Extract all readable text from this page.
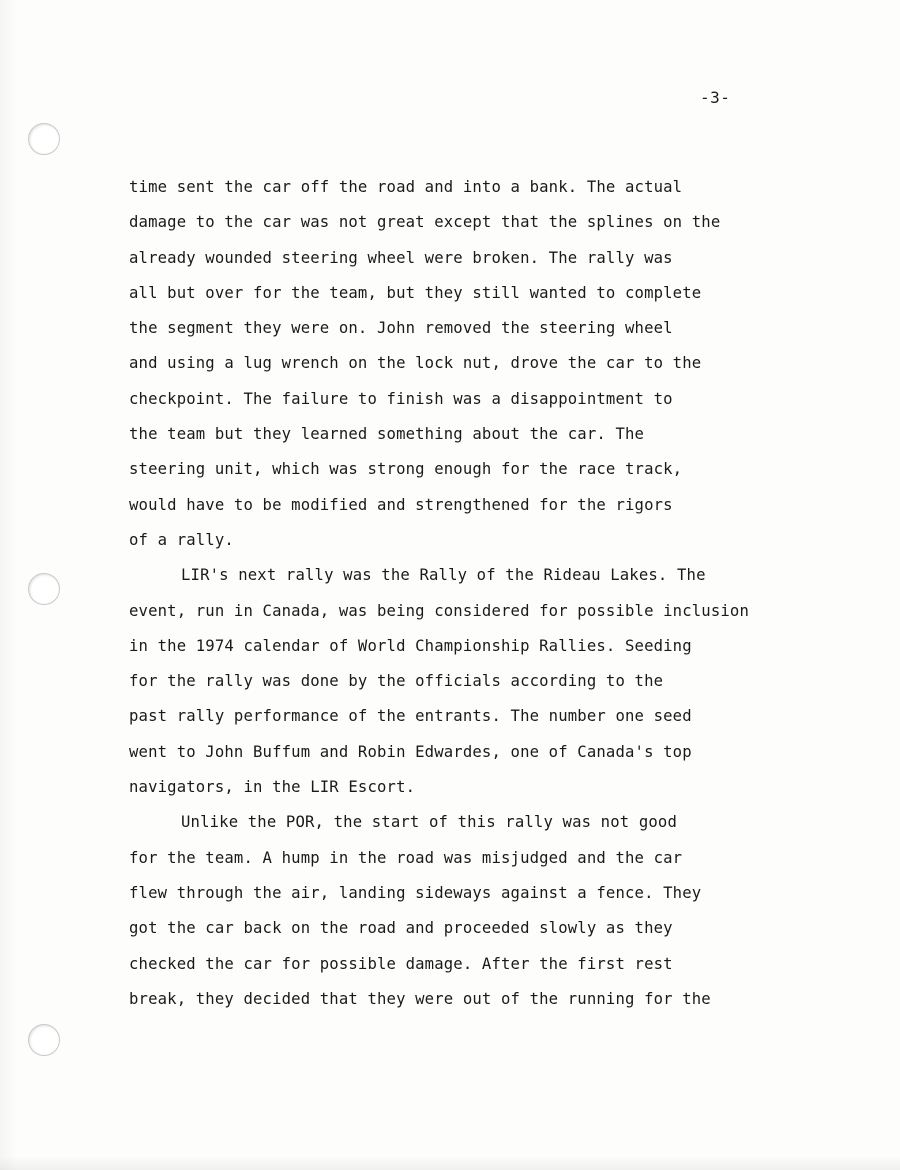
-3-
time sent the car off the road and into a bank. The actual
damage to the car was not great except that the splines on the
already wounded steering wheel were broken. The rally was
all but over for the team, but they still wanted to complete
the segment they were on. John removed the steering wheel
and using a lug wrench on the lock nut, drove the car to the
checkpoint. The failure to finish was a disappointment to
the team but they learned something about the car. The
steering unit, which was strong enough for the race track,
would have to be modified and strengthened for the rigors
of a rally.
LIR's next rally was the Rally of the Rideau Lakes. The
event, run in Canada, was being considered for possible inclusion
in the 1974 calendar of World Championship Rallies. Seeding
for the rally was done by the officials according to the
past rally performance of the entrants. The number one seed
went to John Buffum and Robin Edwardes, one of Canada's top
navigators, in the LIR Escort.
Unlike the POR, the start of this rally was not good
for the team. A hump in the road was misjudged and the car
flew through the air, landing sideways against a fence. They
got the car back on the road and proceeded slowly as they
checked the car for possible damage. After the first rest
break, they decided that they were out of the running for the
